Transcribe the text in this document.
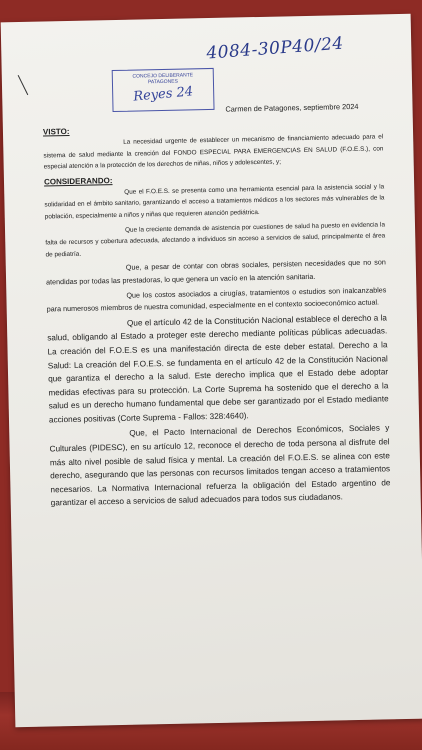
4084-30P40/24
CONCEJO DELIBERANTE
PATAGONES
Reyes 24
Carmen de Patagones, septiembre 2024
VISTO:

La necesidad urgente de establecer un mecanismo de financiamiento adecuado para el sistema de salud mediante la creación del FONDO ESPECIAL PARA EMERGENCIAS EN SALUD (F.O.E.S.), con especial atención a la protección de los derechos de niñas, niños y adolescentes, y;

CONSIDERANDO:

Que el F.O.E.S. se presenta como una herramienta esencial para la asistencia social y la solidaridad en el ámbito sanitario, garantizando el acceso a tratamientos médicos a los sectores más vulnerables de la población, especialmente a niños y niñas que requieren atención pediátrica.

Que la creciente demanda de asistencia por cuestiones de salud ha puesto en evidencia la falta de recursos y cobertura adecuada, afectando a individuos sin acceso a servicios de salud, principalmente el área de pediatría.

Que, a pesar de contar con obras sociales, persisten necesidades que no son atendidas por todas las prestadoras, lo que genera un vacío en la atención sanitaria.

Que los costos asociados a cirugías, tratamientos o estudios son inalcanzables para numerosos miembros de nuestra comunidad, especialmente en el contexto socioeconómico actual.

Que el artículo 42 de la Constitución Nacional establece el derecho a la salud, obligando al Estado a proteger este derecho mediante políticas públicas adecuadas. La creación del F.O.E.S es una manifestación directa de este deber estatal. Derecho a la Salud: La creación del F.O.E.S. se fundamenta en el artículo 42 de la Constitución Nacional que garantiza el derecho a la salud. Este derecho implica que el Estado debe adoptar medidas efectivas para su protección. La Corte Suprema ha sostenido que el derecho a la salud es un derecho humano fundamental que debe ser garantizado por el Estado mediante acciones positivas (Corte Suprema - Fallos: 328:4640).

Que, el Pacto Internacional de Derechos Económicos, Sociales y Culturales (PIDESC), en su artículo 12, reconoce el derecho de toda persona al disfrute del más alto nivel posible de salud física y mental. La creación del F.O.E.S. se alinea con este derecho, asegurando que las personas con recursos limitados tengan acceso a tratamientos necesarios. La Normativa Internacional refuerza la obligación del Estado argentino de garantizar el acceso a servicios de salud adecuados para todos sus ciudadanos.
